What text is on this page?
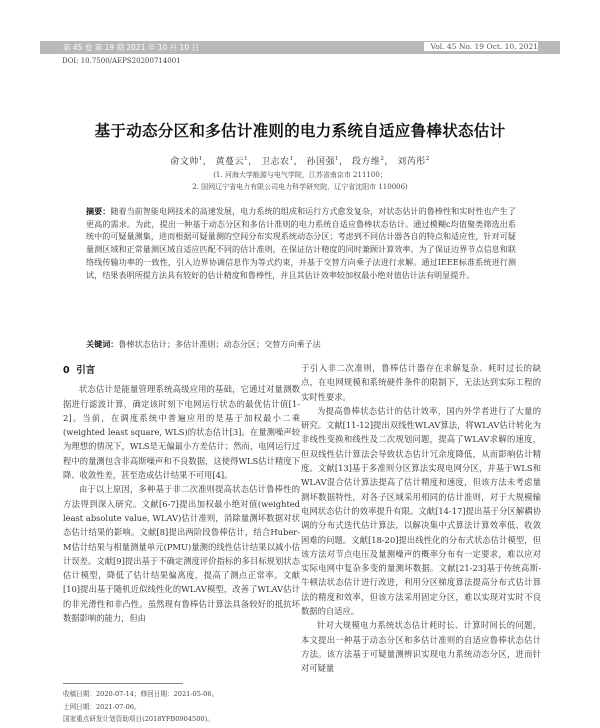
第 45 卷 第 19 期 2021 年 10 月 10 日	Vol. 45 No. 19 Oct. 10, 2021
DOI: 10.7500/AEPS20200714001
基于动态分区和多估计准则的电力系统自适应鲁棒状态估计
俞文帅$^1$， 黄蔓云$^1$， 卫志农$^1$， 孙国强$^1$， 段方维$^2$， 刘芮彤$^2$
(1. 河海大学能源与电气学院，江苏省南京市 211100；
2. 国网辽宁省电力有限公司电力科学研究院，辽宁省沈阳市 110006)
摘要：随着当前智能电网技术的高速发展，电力系统的组成和运行方式愈发复杂，对状态估计的鲁棒性和实时性也产生了更高的需求。为此，提出一种基于动态分区和多估计准则的电力系统自适应鲁棒状态估计。通过模糊c均值聚类筛选出系统中的可疑量测集，进而根据可疑量测的空间分布实现系统动态分区；考虑到不同估计器各自的特点和适应性，针对可疑量测区域和正常量测区域自适应匹配不同的估计准则，在保证估计精度的同时兼顾计算效率。为了保证边界节点信息和联络线传输功率的一致性，引入边界协调信息作为等式约束，并基于交替方向乘子法进行求解。通过IEEE标准系统进行测试，结果表明所提方法具有较好的估计精度和鲁棒性，并且其估计效率较加权最小绝对值估计法有明显提升。
关键词：鲁棒状态估计；多估计准则；动态分区；交替方向乘子法
0 引言

状态估计是能量管理系统高级应用的基础，它通过对量测数据进行滤波计算，确定该时刻下电网运行状态的最优估计值[1-2]。当前，在调度系统中普遍应用的是基于加权最小二乘(weighted least square, WLS)的状态估计[3]。在量测噪声较为理想的情况下，WLS是无偏最小方差估计；然而，电网运行过程中的量测包含非高斯噪声和不良数据，这使得WLS估计精度下降、收敛性差，甚至造成估计结果不可用[4]。

由于以上原因，多种基于非二次准则提高状态估计鲁棒性的方法得到深入研究。文献[6-7]提出加权最小绝对值(weighted least absolute value, WLAV)估计准则，消除量测坏数据对状态估计结果的影响。文献[8]提出两阶段鲁棒估计，结合Huber-M估计结果与相量测量单元(PMU)量测的线性估计结果以减小估计误差。文献[9]提出基于不确定测度评价指标的多目标规划状态估计模型，降低了估计结果偏离度，提高了测点正常率。文献[10]提出基于随机近似线性化的WLAV模型，改善了WLAV估计的非光滑性和非凸性。虽然现有鲁棒估计算法具备较好的抵抗坏数据影响的能力，但由

于引入非二次准则，鲁棒估计器存在求解复杂、耗时过长的缺点，在电网规模和系统硬件条件的限制下，无法达到实际工程的实时性要求。

为提高鲁棒状态估计的估计效率，国内外学者进行了大量的研究。文献[11-12]提出双线性WLAV算法，将WLAV估计转化为非线性变换和线性及二次规划问题，提高了WLAV求解的速度，但双线性估计算法会导致状态估计冗余度降低，从而影响估计精度。文献[13]基于多准则分区算法实现电网分区，并基于WLS和WLAV混合估计算法提高了估计精度和速度，但该方法未考虑量测坏数据特性，对各子区域采用相同的估计准则，对于大规模输电网状态估计的效率提升有限。文献[14-17]提出基于分区解耦协调的分布式迭代估计算法，以解决集中式算法计算效率低、收敛困难的问题。文献[18-20]提出线性化的分布式状态估计模型，但该方法对节点电压及量测噪声的概率分布有一定要求，难以应对实际电网中复杂多变的量测坏数据。文献[21-23]基于传统高斯-牛顿法状态估计进行改进，利用分区梯度算法提高分布式估计算法的精度和效率，但该方法采用固定分区，难以实现对实时不良数据的自适应。

针对大规模电力系统状态估计耗时长、计算时间长的问题，本文提出一种基于动态分区和多估计准则的自适应鲁棒状态估计方法。该方法基于可疑量测辨识实现电力系统动态分区，进而针对可疑量

收稿日期：2020-07-14；修回日期：2021-05-06。
上网日期：2021-07-06。
国家重点研发计划资助项目(2018YFB0904500)。
